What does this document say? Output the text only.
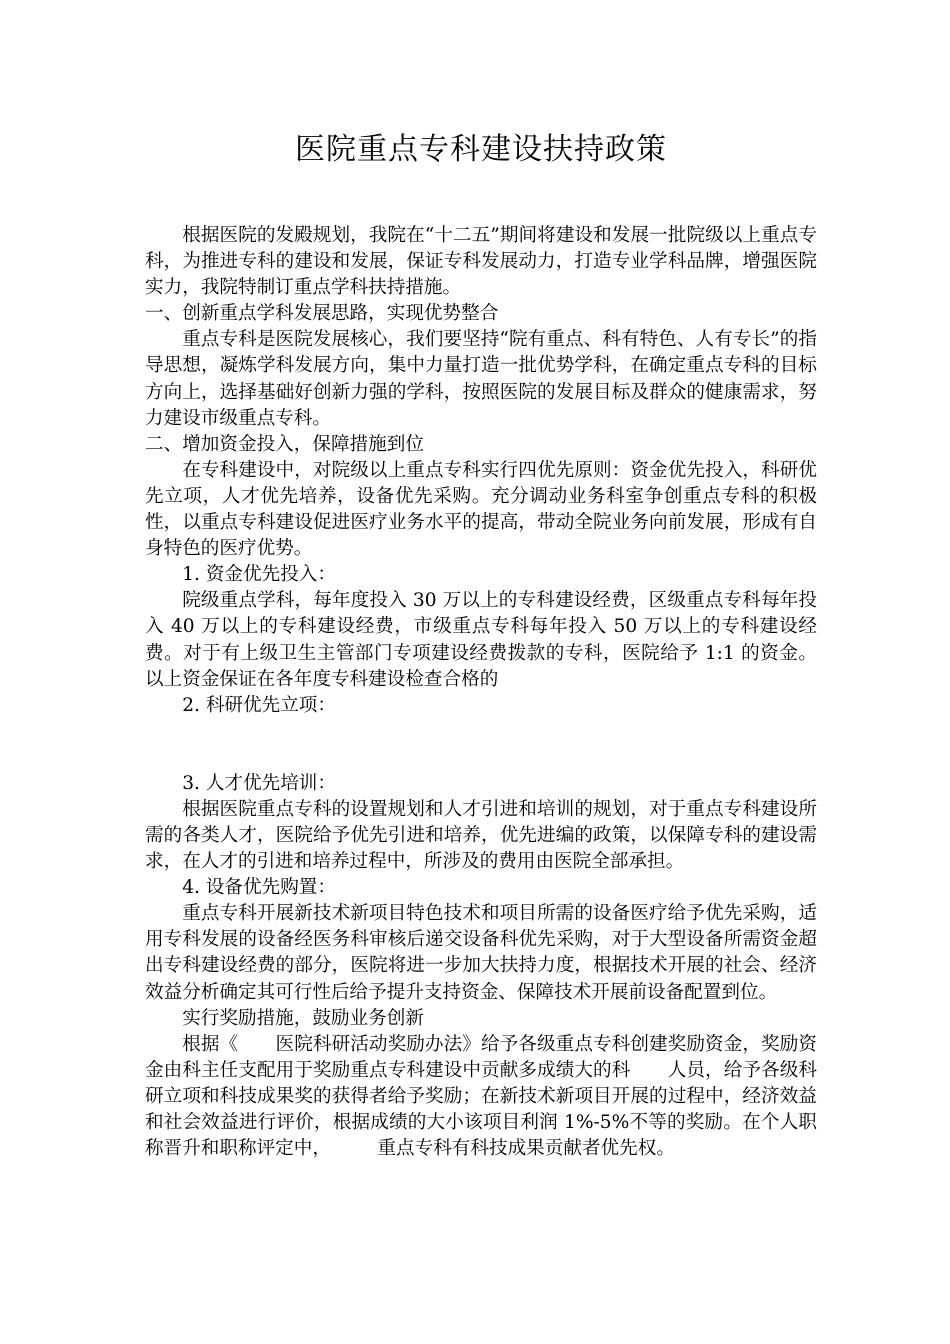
医院重点专科建设扶持政策

根据医院的发殿规划，我院在“十二五”期间将建设和发展一批院级以上重点专科，为推进专科的建设和发展，保证专科发展动力，打造专业学科品牌，增强医院实力，我院特制订重点学科扶持措施。

一、创新重点学科发展思路，实现优势整合

重点专科是医院发展核心，我们要坚持“院有重点、科有特色、人有专长”的指导思想，凝炼学科发展方向，集中力量打造一批优势学科，在确定重点专科的目标方向上，选择基础好创新力强的学科，按照医院的发展目标及群众的健康需求，努力建设市级重点专科。

二、增加资金投入，保障措施到位

在专科建设中，对院级以上重点专科实行四优先原则：资金优先投入，科研优先立项，人才优先培养，设备优先采购。充分调动业务科室争创重点专科的积极性，以重点专科建设促进医疗业务水平的提高，带动全院业务向前发展，形成有自身特色的医疗优势。

1. 资金优先投入：

院级重点学科，每年度投入 30 万以上的专科建设经费，区级重点专科每年投入 40 万以上的专科建设经费，市级重点专科每年投入 50 万以上的专科建设经费。对于有上级卫生主管部门专项建设经费拨款的专科，医院给予 1:1 的资金。以上资金保证在各年度专科建设检查合格的

2. 科研优先立项：

3. 人才优先培训：

根据医院重点专科的设置规划和人才引进和培训的规划，对于重点专科建设所需的各类人才，医院给予优先引进和培养，优先进编的政策，以保障专科的建设需求，在人才的引进和培养过程中，所涉及的费用由医院全部承担。

4. 设备优先购置：

重点专科开展新技术新项目特色技术和项目所需的设备医疗给予优先采购，适用专科发展的设备经医务科审核后递交设备科优先采购，对于大型设备所需资金超出专科建设经费的部分，医院将进一步加大扶持力度，根据技术开展的社会、经济效益分析确定其可行性后给予提升支持资金、保障技术开展前设备配置到位。

实行奖励措施，鼓励业务创新

根据《　　医院科研活动奖励办法》给予各级重点专科创建奖励资金，奖励资金由科主任支配用于奖励重点专科建设中贡献多成绩大的科　　人员，给予各级科研立项和科技成果奖的获得者给予奖励；在新技术新项目开展的过程中，经济效益和社会效益进行评价，根据成绩的大小该项目利润 1%-5%不等的奖励。在个人职称晋升和职称评定中，　　　重点专科有科技成果贡献者优先权。
